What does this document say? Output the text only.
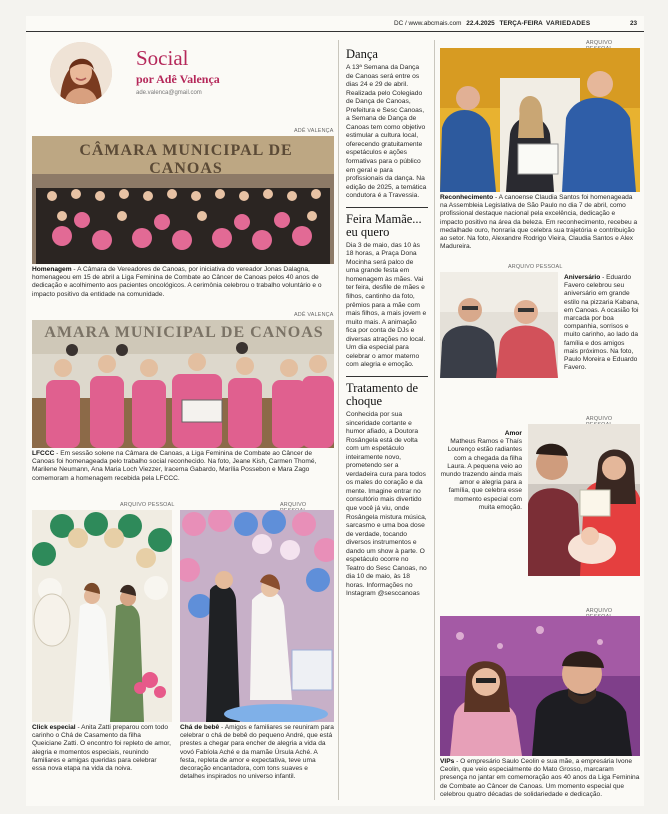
DC / www.abcmais.com 22.4.2025 TERÇA-FEIRA VARIEDADES	23
Social
por Adê Valença
ade.valenca@gmail.com
ADÊ VALENÇA
CÂMARA MUNICIPAL DE CANOAS
Homenagem - A Câmara de Vereadores de Canoas, por iniciativa do vereador Jonas Dalagna, homenageou em 15 de abril a Liga Feminina de Combate ao Câncer de Canoas pelos 40 anos de dedicação e acolhimento aos pacientes oncológicos. A cerimônia celebrou o trabalho voluntário e o impacto positivo da entidade na comunidade.
ADÊ VALENÇA
AMARA MUNICIPAL DE CANOAS
LFCCC - Em sessão solene na Câmara de Canoas, a Liga Feminina de Combate ao Câncer de Canoas foi homenageada pelo trabalho social reconhecido. Na foto, Jeane Kish, Carmen Thomé, Marilene Neumann, Ana Maria Loch Viezzer, Iracema Gabardo, Marília Possebon e Mara Zago comemoram a homenagem recebida pela LFCCC.
ARQUIVO PESSOAL
Click especial - Anita Zatti preparou com todo carinho o Chá de Casamento da filha Queiciane Zatti. O encontro foi repleto de amor, alegria e momentos especiais, reunindo familiares e amigas queridas para celebrar essa nova etapa na vida da noiva.
ARQUIVO
Chá de bebê - Amigos e familiares se reuniram para celebrar o chá de bebê do pequeno André, que está prestes a chegar para encher de alegria a vida da vovó Fabíola Aché e da mamãe Úrsula Aché. A festa, repleta de amor e expectativa, teve uma decoração encantadora, com tons suaves e detalhes inspirados no universo infantil.
Dança
A 13ª Semana da Dança de Canoas será entre os dias 24 e 29 de abril. Realizada pelo Colegiado de Dança de Canoas, Prefeitura e Sesc Canoas, a Semana de Dança de Canoas tem como objetivo estimular a cultura local, oferecendo gratuitamente espetáculos e ações formativas para o público em geral e para profissionais da dança. Na edição de 2025, a temática condutora é a Travessia.
Feira Mamãe... eu quero
Dia 3 de maio, das 10 às 18 horas, a Praça Dona Mocinha será palco de uma grande festa em homenagem às mães. Vai ter feira, desfile de mães e filhos, cantinho da foto, prêmios para a mãe com mais filhos, a mais jovem e muito mais. A animação fica por conta de DJs e diversas atrações no local. Um dia especial para celebrar o amor materno com alegria e emoção.
Tratamento de choque
Conhecida por sua sinceridade cortante e humor afiado, a Doutora Rosângela está de volta com um espetáculo inteiramente novo, prometendo ser a verdadeira cura para todos os males do coração e da mente. Imagine entrar no consultório mais divertido que você já viu, onde Rosângela mistura música, sarcasmo e uma boa dose de verdade, tocando diversos instrumentos e dando um show à parte. O espetáculo ocorre no Teatro do Sesc Canoas, no dia 10 de maio, às 18 horas. Informações no Instagram @sesccanoas
ARQUIVO
Reconhecimento - A canoense Claudia Santos foi homenageada na Assembleia Legislativa de São Paulo no dia 7 de abril, como profissional destaque nacional pela excelência, dedicação e impacto positivo na área da beleza. Em reconhecimento, recebeu a medalhade ouro, honraria que celebra sua trajetória e contribuição ao setor. Na foto, Alexandre Rodrigo Vieira, Claudia Santos e Alex Madureira.
ARQUIVO PESSOAL
Aniversário - Eduardo Favero celebrou seu aniversário em grande estilo na pizzaria Kabana, em Canoas. A ocasião foi marcada por boa companhia, sorrisos e muito carinho, ao lado da família e dos amigos mais próximos. Na foto, Paulo Moreira e Eduardo Favero.
ARQUIVO
Amor
Matheus Ramos e Thaís Lourenço estão radiantes com a chegada da filha Laura. A pequena veio ao mundo trazendo ainda mais amor e alegria para a família, que celebra esse momento especial com muita emoção.
ARQUIVO
VIPs - O empresário Saulo Ceolin e sua mãe, a empresária Ivone Ceolin, que veio especialmente do Mato Grosso, marcaram presença no jantar em comemoração aos 40 anos da Liga Feminina de Combate ao Câncer de Canoas. Um momento especial que celebrou quatro décadas de solidariedade e dedicação.
